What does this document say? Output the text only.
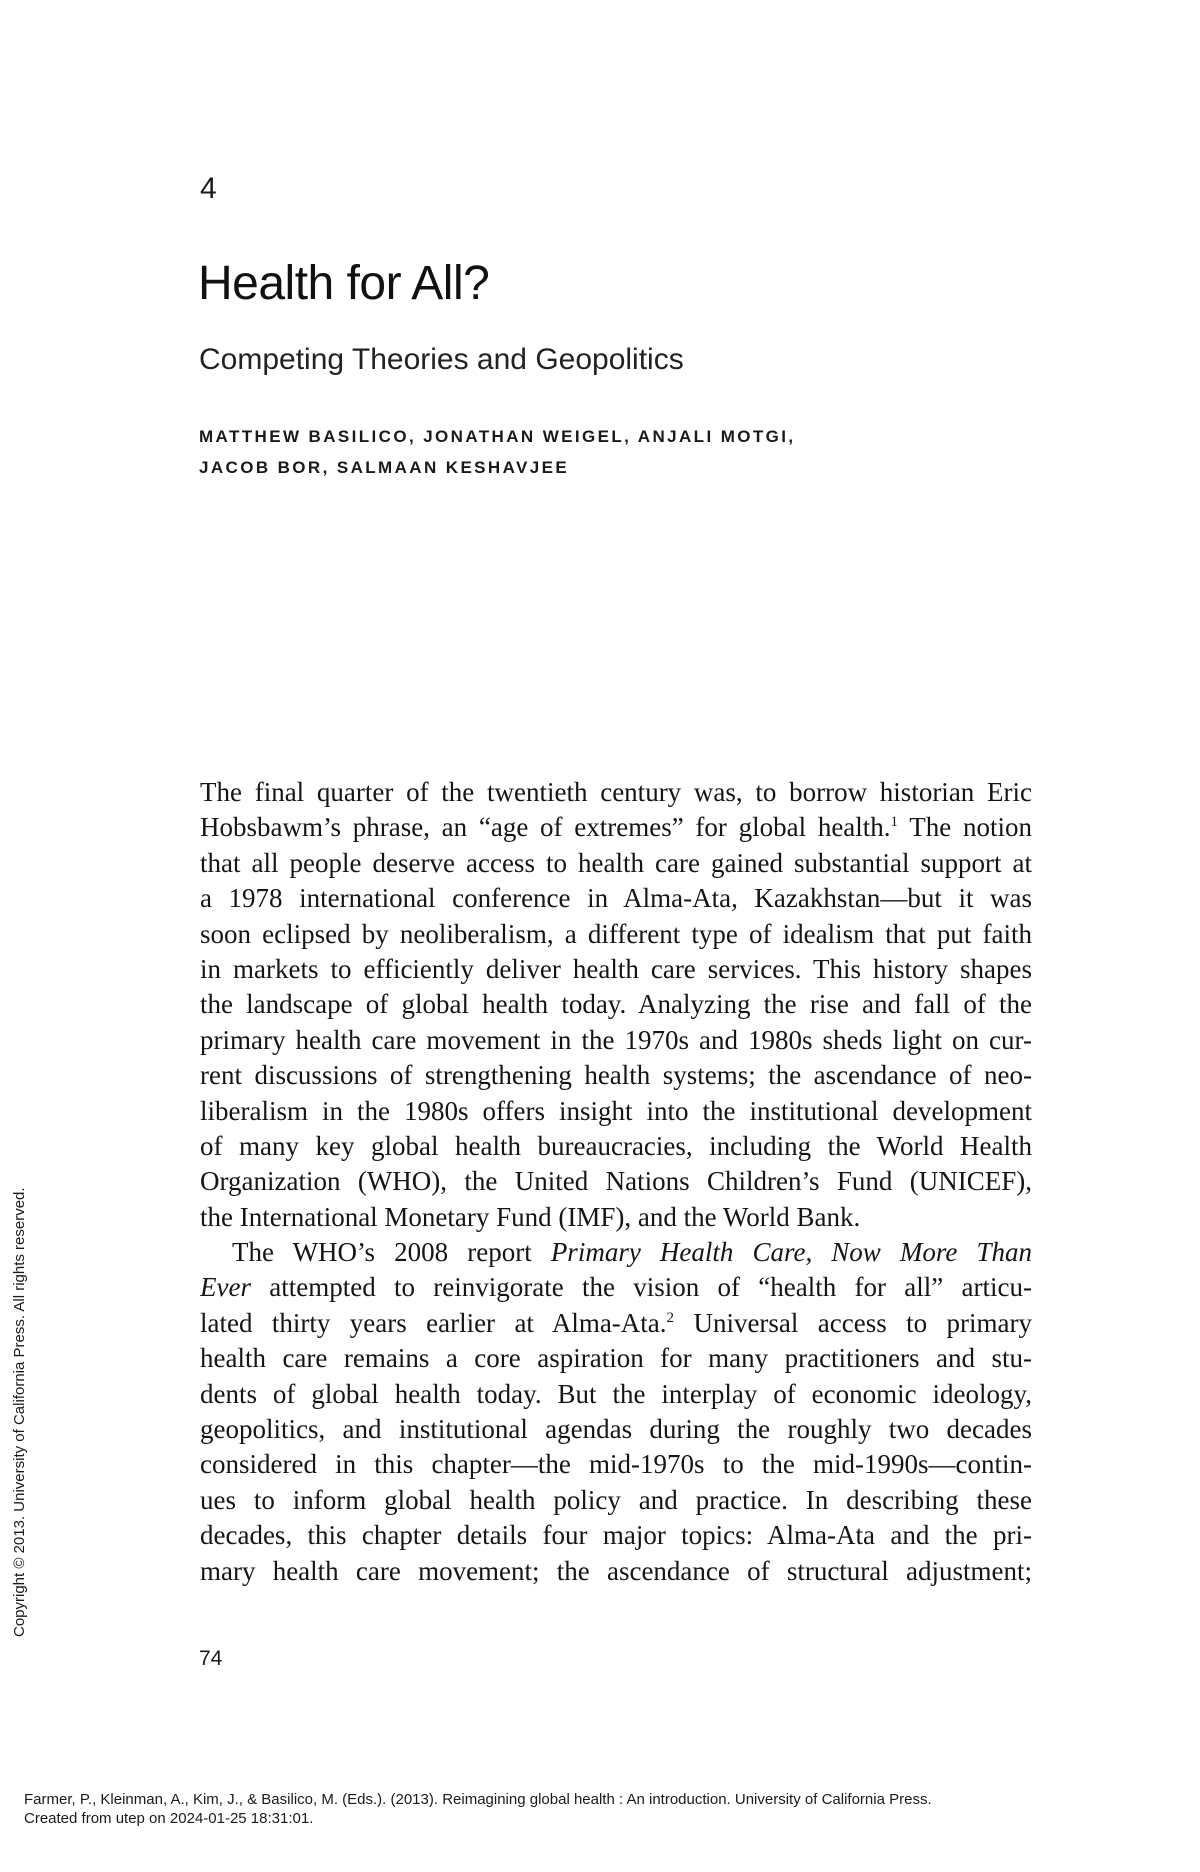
4
Health for All?
Competing Theories and Geopolitics
MATTHEW BASILICO, JONATHAN WEIGEL, ANJALI MOTGI,
JACOB BOR, SALMAAN KESHAVJEE
The final quarter of the twentieth century was, to borrow historian Eric
Hobsbawm’s phrase, an “age of extremes” for global health.$^1$ The notion
that all people deserve access to health care gained substantial support at
a 1978 international conference in Alma-Ata, Kazakhstan—but it was
soon eclipsed by neoliberalism, a different type of idealism that put faith
in markets to efficiently deliver health care services. This history shapes
the landscape of global health today. Analyzing the rise and fall of the
primary health care movement in the 1970s and 1980s sheds light on cur-
rent discussions of strengthening health systems; the ascendance of neo-
liberalism in the 1980s offers insight into the institutional development
of many key global health bureaucracies, including the World Health
Organization (WHO), the United Nations Children’s Fund (UNICEF),
the International Monetary Fund (IMF), and the World Bank.
The WHO’s 2008 report Primary Health Care, Now More Than
Ever attempted to reinvigorate the vision of “health for all” articu-
lated thirty years earlier at Alma-Ata.$^2$ Universal access to primary
health care remains a core aspiration for many practitioners and stu-
dents of global health today. But the interplay of economic ideology,
geopolitics, and institutional agendas during the roughly two decades
considered in this chapter—the mid-1970s to the mid-1990s—contin-
ues to inform global health policy and practice. In describing these
decades, this chapter details four major topics: Alma-Ata and the pri-
mary health care movement; the ascendance of structural adjustment;
74
Copyright © 2013. University of California Press. All rights reserved.
Farmer, P., Kleinman, A., Kim, J., & Basilico, M. (Eds.). (2013). Reimagining global health : An introduction. University of California Press.
Created from utep on 2024-01-25 18:31:01.
